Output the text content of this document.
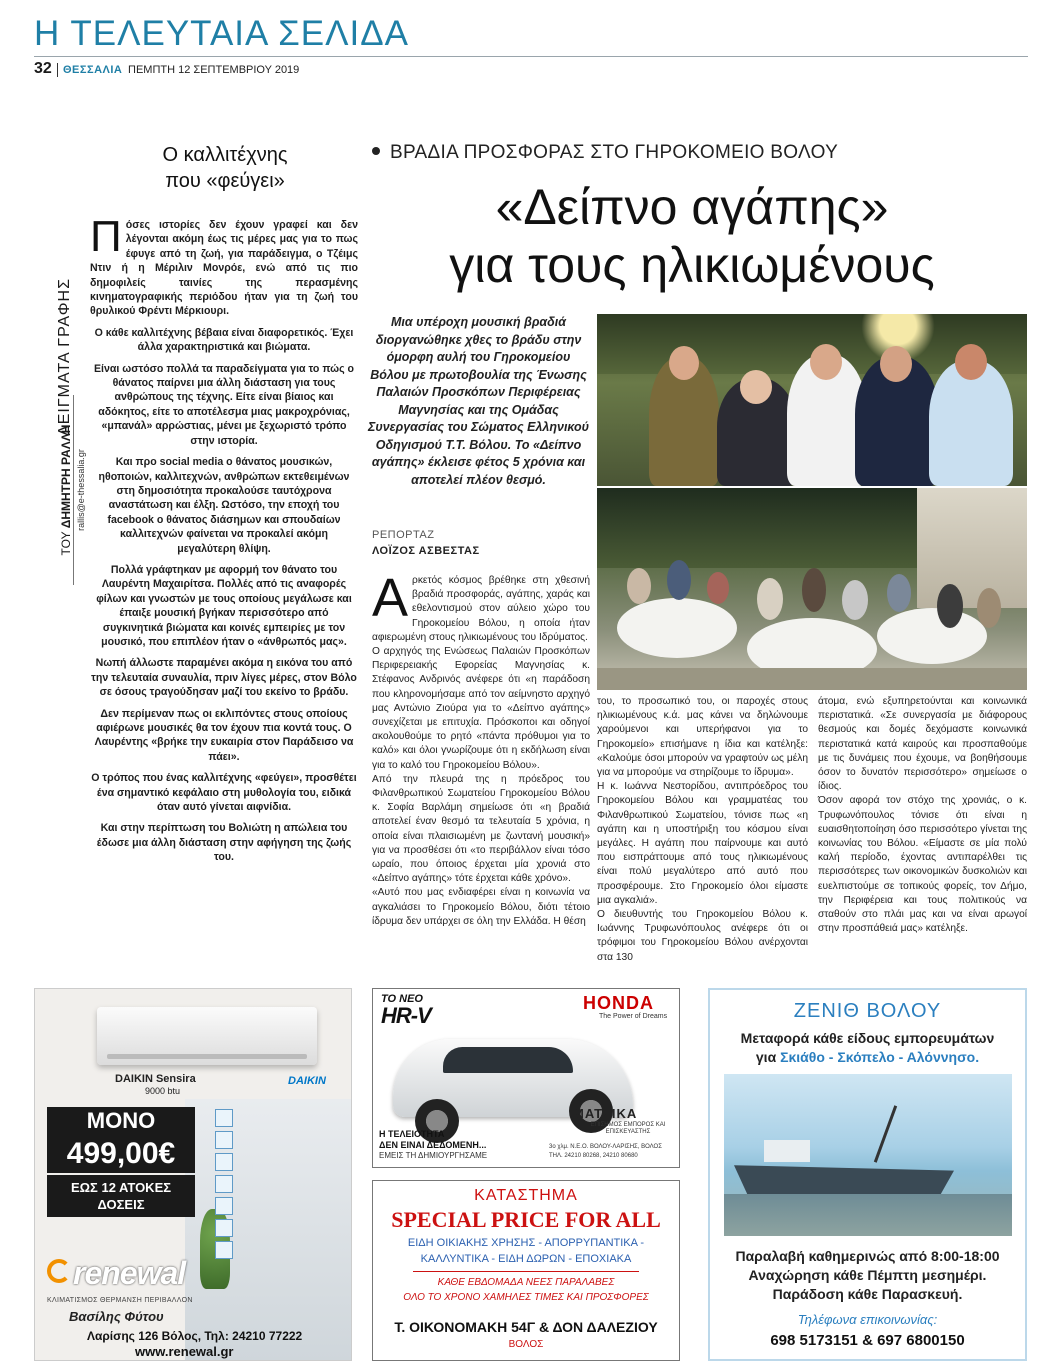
Η ΤΕΛΕΥΤΑΙΑ ΣΕΛΙΔΑ
32 ΘΕΣΣΑΛΙΑ ΠΕΜΠΤΗ 12 ΣΕΠΤΕΜΒΡΙΟΥ 2019
Ο καλλιτέχνης
που «φεύγει»
ΔΕΙΓΜΑΤΑ ΓΡΑΦΗΣ
ΤΟΥ ΔΗΜΗΤΡΗ ΡΑΛΛΗ rallis@e-thessalia.gr

Πόσες ιστορίες δεν έχουν γραφεί και δεν λέγονται ακόμη έως τις μέρες μας για το πως έφυγε από τη ζωή, για παράδειγμα, ο Τζέιμς Ντιν ή η Μέριλιν Μονρόε, ενώ από τις πιο δημοφιλείς ταινίες της περασμένης κινηματογραφικής περιόδου ήταν για τη ζωή του θρυλικού Φρέντι Μέρκιουρι.

Ο κάθε καλλιτέχνης βέβαια είναι διαφορετικός. Έχει άλλα χαρακτηριστικά και βιώματα.

Είναι ωστόσο πολλά τα παραδείγματα για το πώς ο θάνατος παίρνει μια άλλη διάσταση για τους ανθρώπους της τέχνης. Είτε είναι βίαιος και αδόκητος, είτε το αποτέλεσμα μιας μακροχρόνιας, «μπανάλ» αρρώστιας, μένει με ξεχωριστό τρόπο στην ιστορία.

Και προ social media ο θάνατος μουσικών, ηθοποιών, καλλιτεχνών, ανθρώπων εκτεθειμένων στη δημοσιότητα προκαλούσε ταυτόχρονα αναστάτωση και έλξη. Ωστόσο, την εποχή του facebook ο θάνατος διάσημων και σπουδαίων καλλιτεχνών φαίνεται να προκαλεί ακόμη μεγαλύτερη θλίψη.

Πολλά γράφτηκαν με αφορμή τον θάνατο του Λαυρέντη Μαχαιρίτσα. Πολλές από τις αναφορές φίλων και γνωστών με τους οποίους μεγάλωσε και έπαιξε μουσική βγήκαν περισσότερο από συγκινητικά βιώματα και κοινές εμπειρίες με τον μουσικό, που επιπλέον ήταν ο «άνθρωπός μας».

Νωπή άλλωστε παραμένει ακόμα η εικόνα του από την τελευταία συναυλία, πριν λίγες μέρες, στον Βόλο σε όσους τραγούδησαν μαζί του εκείνο το βράδυ.

Δεν περίμεναν πως οι εκλιπόντες στους οποίους αφιέρωνε μουσικές θα τον έχουν πια κοντά τους. Ο Λαυρέντης «βρήκε την ευκαιρία στον Παράδεισο να πάει».

Ο τρόπος που ένας καλλιτέχνης «φεύγει», προσθέτει ένα σημαντικό κεφάλαιο στη μυθολογία του, ειδικά όταν αυτό γίνεται αιφνίδια.

Και στην περίπτωση του Βολιώτη η απώλεια του έδωσε μια άλλη διάσταση στην αφήγηση της ζωής του.

ΒΡΑΔΙΑ ΠΡΟΣΦΟΡΑΣ ΣΤΟ ΓΗΡΟΚΟΜΕΙΟ ΒΟΛΟΥ
«Δείπνο αγάπης»
για τους ηλικιωμένους
Μια υπέροχη μουσική βραδιά διοργανώθηκε χθες το βράδυ στην όμορφη αυλή του Γηροκομείου Βόλου με πρωτοβουλία της Ένωσης Παλαιών Προσκόπων Περιφέρειας Μαγνησίας και της Ομάδας Συνεργασίας του Σώματος Ελληνικού Οδηγισμού Τ.Τ. Βόλου. Το «Δείπνο αγάπης» έκλεισε φέτος 5 χρόνια και αποτελεί πλέον θεσμό.
ΡΕΠΟΡΤΑΖ
ΛΟΪΖΟΣ ΑΣΒΕΣΤΑΣ

Αρκετός κόσμος βρέθηκε στη χθεσινή βραδιά προσφοράς, αγάπης, χαράς και εθελοντισμού στον αύλειο χώρο του Γηροκομείου Βόλου, η οποία ήταν αφιερωμένη στους ηλικιωμένους του Ιδρύματος.

Ο αρχηγός της Ενώσεως Παλαιών Προσκόπων Περιφερειακής Εφορείας Μαγνησίας κ. Στέφανος Ανδρινός ανέφερε ότι «η παράδοση που κληρονομήσαμε από τον αείμνηστο αρχηγό μας Αντώνιο Ζιούρα για το «Δείπνο αγάπης» συνεχίζεται με επιτυχία. Πρόσκοποι και οδηγοί ακολουθούμε το ρητό «πάντα πρόθυμοι για το καλό» και όλοι γνωρίζουμε ότι η εκδήλωση είναι για το καλό του Γηροκομείου Βόλου».

Από την πλευρά της η πρόεδρος του Φιλανθρωπικού Σωματείου Γηροκομείου Βόλου κ. Σοφία Βαρλάμη σημείωσε ότι «η βραδιά αποτελεί έναν θεσμό τα τελευταία 5 χρόνια, η οποία είναι πλαισιωμένη με ζωντανή μουσική» για να προσθέσει ότι «το περιβάλλον είναι τόσο ωραίο, που όποιος έρχεται μία χρονιά στο «Δείπνο αγάπης» τότε έρχεται κάθε χρόνο».

«Αυτό που μας ενδιαφέρει είναι η κοινωνία να αγκαλιάσει το Γηροκομείο Βόλου, διότι τέτοιο ίδρυμα δεν υπάρχει σε όλη την Ελλάδα. Η θέση

του, το προσωπικό του, οι παροχές στους ηλικιωμένους κ.ά. μας κάνει να δηλώνουμε χαρούμενοι και υπερήφανοι για το Γηροκομείο» επισήμανε η ίδια και κατέληξε: «Καλούμε όσοι μπορούν να γραφτούν ως μέλη για να μπορούμε να στηρίζουμε το ίδρυμα».

Η κ. Ιωάννα Νεστορίδου, αντιπρόεδρος του Γηροκομείου Βόλου και γραμματέας του Φιλανθρωπικού Σωματείου, τόνισε πως «η αγάπη και η υποστήριξη του κόσμου είναι μεγάλες. Η αγάπη που παίρνουμε και αυτό που εισπράττουμε από τους ηλικιωμένους είναι πολύ μεγαλύτερο από αυτό που προσφέρουμε. Στο Γηροκομείο όλοι είμαστε μια αγκαλιά».

Ο διευθυντής του Γηροκομείου Βόλου κ. Ιωάννης Τρυφωνόπουλος ανέφερε ότι οι τρόφιμοι του Γηροκομείου Βόλου ανέρχονται στα 130

άτομα, ενώ εξυπηρετούνται και κοινωνικά περιστατικά. «Σε συνεργασία με διάφορους θεσμούς και δομές δεχόμαστε κοινωνικά περιστατικά κατά καιρούς και προσπαθούμε με τις δυνάμεις που έχουμε, να βοηθήσουμε όσον το δυνατόν περισσότερο» σημείωσε ο ίδιος.

Όσον αφορά τον στόχο της χρονιάς, ο κ. Τρυφωνόπουλος τόνισε ότι είναι η ευαισθητοποίηση όσο περισσότερο γίνεται της κοινωνίας του Βόλου. «Είμαστε σε μία πολύ καλή περίοδο, έχοντας αντιπαρέλθει τις περισσότερες των οικονομικών δυσκολιών και ευελπιστούμε σε τοπικούς φορείς, τον Δήμο, την Περιφέρεια και τους πολιτικούς να σταθούν στο πλάι μας και να είναι αρωγοί στην προσπάθειά μας» κατέληξε.

DAIKIN Sensira
9000 btu
DAIKIN
ΜΟΝΟ
499,00€
ΕΩΣ 12 ΑΤΟΚΕΣ
ΔΟΣΕΙΣ
renewal
ΚΛΙΜΑΤΙΣΜΟΣ ΘΕΡΜΑΝΣΗ ΠΕΡΙΒΑΛΛΟΝ
Βασίλης Φύτου
Λαρίσης 126 Βόλος, Τηλ: 24210 77222
www.renewal.gr
ΤΟ ΝΕΟ
HR-V	HONDA
The Power of Dreams
ΜΑΤΣΙΚΑ
ΕΠΙΣΗΜΟΣ ΕΜΠΟΡΟΣ ΚΑΙ ΕΠΙΣΚΕΥΑΣΤΗΣ
Η ΤΕΛΕΙΟΤΗΤΑ
ΔΕΝ ΕΙΝΑΙ ΔΕΔΟΜΕΝΗ...
ΕΜΕΙΣ ΤΗ ΔΗΜΙΟΥΡΓΗΣΑΜΕ
3ο χλμ. Ν.Ε.Ο. ΒΟΛΟΥ-ΛΑΡΙΣΗΣ, ΒΟΛΟΣ
ΤΗΛ. 24210 80268, 24210 80680
ΚΑΤΑΣΤΗΜΑ
SPECIAL PRICE FOR ALL
ΕΙΔΗ ΟΙΚΙΑΚΗΣ ΧΡΗΣΗΣ - ΑΠΟΡΡΥΠΑΝΤΙΚΑ -
ΚΑΛΛΥΝΤΙΚΑ - ΕΙΔΗ ΔΩΡΩΝ - ΕΠΟΧΙΑΚΑ
ΚΑΘΕ ΕΒΔΟΜΑΔΑ ΝΕΕΣ ΠΑΡΑΛΑΒΕΣ
ΟΛΟ ΤΟ ΧΡΟΝΟ ΧΑΜΗΛΕΣ ΤΙΜΕΣ ΚΑΙ ΠΡΟΣΦΟΡΕΣ
Τ. ΟΙΚΟΝΟΜΑΚΗ 54Γ & ΔΟΝ ΔΑΛΕΖΙΟΥ
ΒΟΛΟΣ
ΖΕΝΙΘ ΒΟΛΟΥ
Μεταφορά κάθε είδους εμπορευμάτων
για Σκιάθο - Σκόπελο - Αλόννησο.
Παραλαβή καθημερινώς από 8:00-18:00
Αναχώρηση κάθε Πέμπτη μεσημέρι.
Παράδοση κάθε Παρασκευή.
Τηλέφωνα επικοινωνίας:
698 5173151 & 697 6800150
